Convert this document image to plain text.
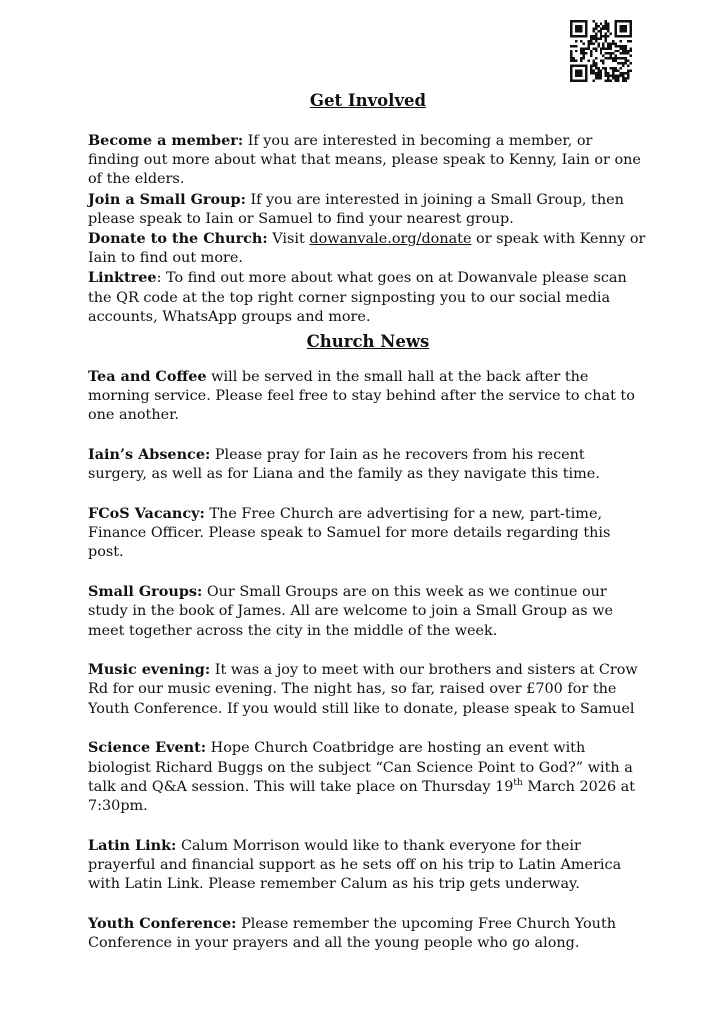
Get Involved

Become a member: If you are interested in becoming a member, or finding out more about what that means, please speak to Kenny, Iain or one of the elders.

Join a Small Group: If you are interested in joining a Small Group, then please speak to Iain or Samuel to find your nearest group.

Donate to the Church: Visit dowanvale.org/donate or speak with Kenny or Iain to find out more.

Linktree: To find out more about what goes on at Dowanvale please scan the QR code at the top right corner signposting you to our social media accounts, WhatsApp groups and more.

Church News

Tea and Coffee will be served in the small hall at the back after the morning service. Please feel free to stay behind after the service to chat to one another.

Iain’s Absence: Please pray for Iain as he recovers from his recent surgery, as well as for Liana and the family as they navigate this time.

FCoS Vacancy: The Free Church are advertising for a new, part-time, Finance Officer. Please speak to Samuel for more details regarding this post.

Small Groups: Our Small Groups are on this week as we continue our study in the book of James. All are welcome to join a Small Group as we meet together across the city in the middle of the week.

Music evening: It was a joy to meet with our brothers and sisters at Crow Rd for our music evening. The night has, so far, raised over £700 for the Youth Conference. If you would still like to donate, please speak to Samuel

Science Event: Hope Church Coatbridge are hosting an event with biologist Richard Buggs on the subject “Can Science Point to God?” with a talk and Q&A session. This will take place on Thursday 19th March 2026 at 7:30pm.

Latin Link: Calum Morrison would like to thank everyone for their prayerful and financial support as he sets off on his trip to Latin America with Latin Link. Please remember Calum as his trip gets underway.

Youth Conference: Please remember the upcoming Free Church Youth Conference in your prayers and all the young people who go along.
